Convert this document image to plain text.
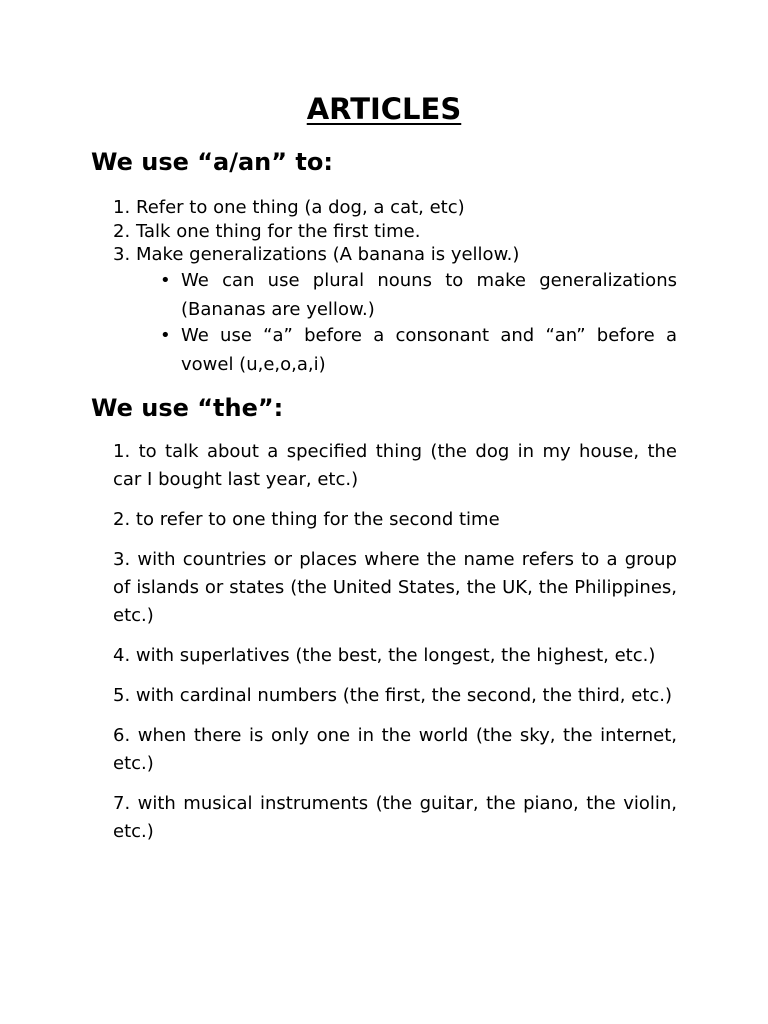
ARTICLES
We use “a/an” to:
1. Refer to one thing (a dog, a cat, etc)
2. Talk one thing for the first time.
3. Make generalizations (A banana is yellow.)
• We can use plural nouns to make generalizations (Bananas are yellow.)
• We use “a” before a consonant and “an” before a vowel (u,e,o,a,i)
We use “the”:

1. to talk about a specified thing (the dog in my house, the car I bought last year, etc.)

2. to refer to one thing for the second time

3. with countries or places where the name refers to a group of islands or states (the United States, the UK, the Philippines, etc.)

4. with superlatives (the best, the longest, the highest, etc.)

5. with cardinal numbers (the first, the second, the third, etc.)

6. when there is only one in the world (the sky, the internet, etc.)

7. with musical instruments (the guitar, the piano, the violin, etc.)
